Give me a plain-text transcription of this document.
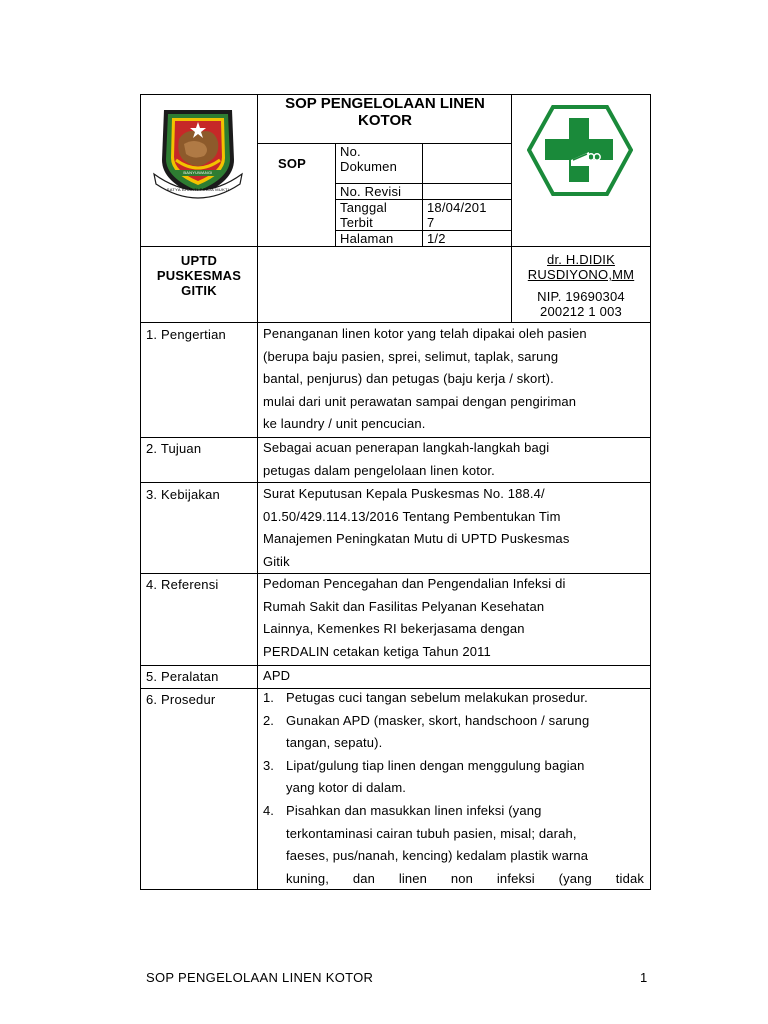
BANYUWANGI
SATYA BHAKTI PRAJA MUKTI
SOP PENGELOLAAN LINEN KOTOR
SOP
No. Dokumen
No. Revisi
Tanggal
Terbit
18/04/201
7
Halaman	1/2
UPTD
PUSKESMAS
GITIK
dr. H.DIDIK
RUSDIYONO,MM
NIP. 19690304
200212 1 003
1. Pengertian
2. Tujuan
3. Kebijakan
4. Referensi
5. Peralatan
6. Prosedur
Penanganan linen kotor yang telah dipakai oleh pasien
(berupa baju pasien, sprei, selimut, taplak, sarung
bantal, penjurus) dan petugas (baju kerja / skort).
mulai dari unit perawatan sampai dengan pengiriman
ke laundry / unit pencucian.
Sebagai acuan penerapan langkah-langkah bagi
petugas dalam pengelolaan linen kotor.
Surat Keputusan Kepala Puskesmas No. 188.4/
01.50/429.114.13/2016 Tentang Pembentukan Tim
Manajemen Peningkatan Mutu di UPTD Puskesmas
Gitik
Pedoman Pencegahan dan Pengendalian Infeksi di
Rumah Sakit dan Fasilitas Pelyanan Kesehatan
Lainnya, Kemenkes RI bekerjasama dengan
PERDALIN cetakan ketiga Tahun 2011
APD
1. Petugas cuci tangan sebelum melakukan prosedur.
2. Gunakan APD (masker, skort, handschoon / sarung
tangan, sepatu).
3. Lipat/gulung tiap linen dengan menggulung bagian
yang kotor di dalam.
4. Pisahkan dan masukkan linen infeksi (yang
terkontaminasi cairan tubuh pasien, misal; darah,
faeses, pus/nanah, kencing) kedalam plastik warna
kuning, dan linen non infeksi (yang tidak
SOP PENGELOLAAN LINEN KOTOR	1
